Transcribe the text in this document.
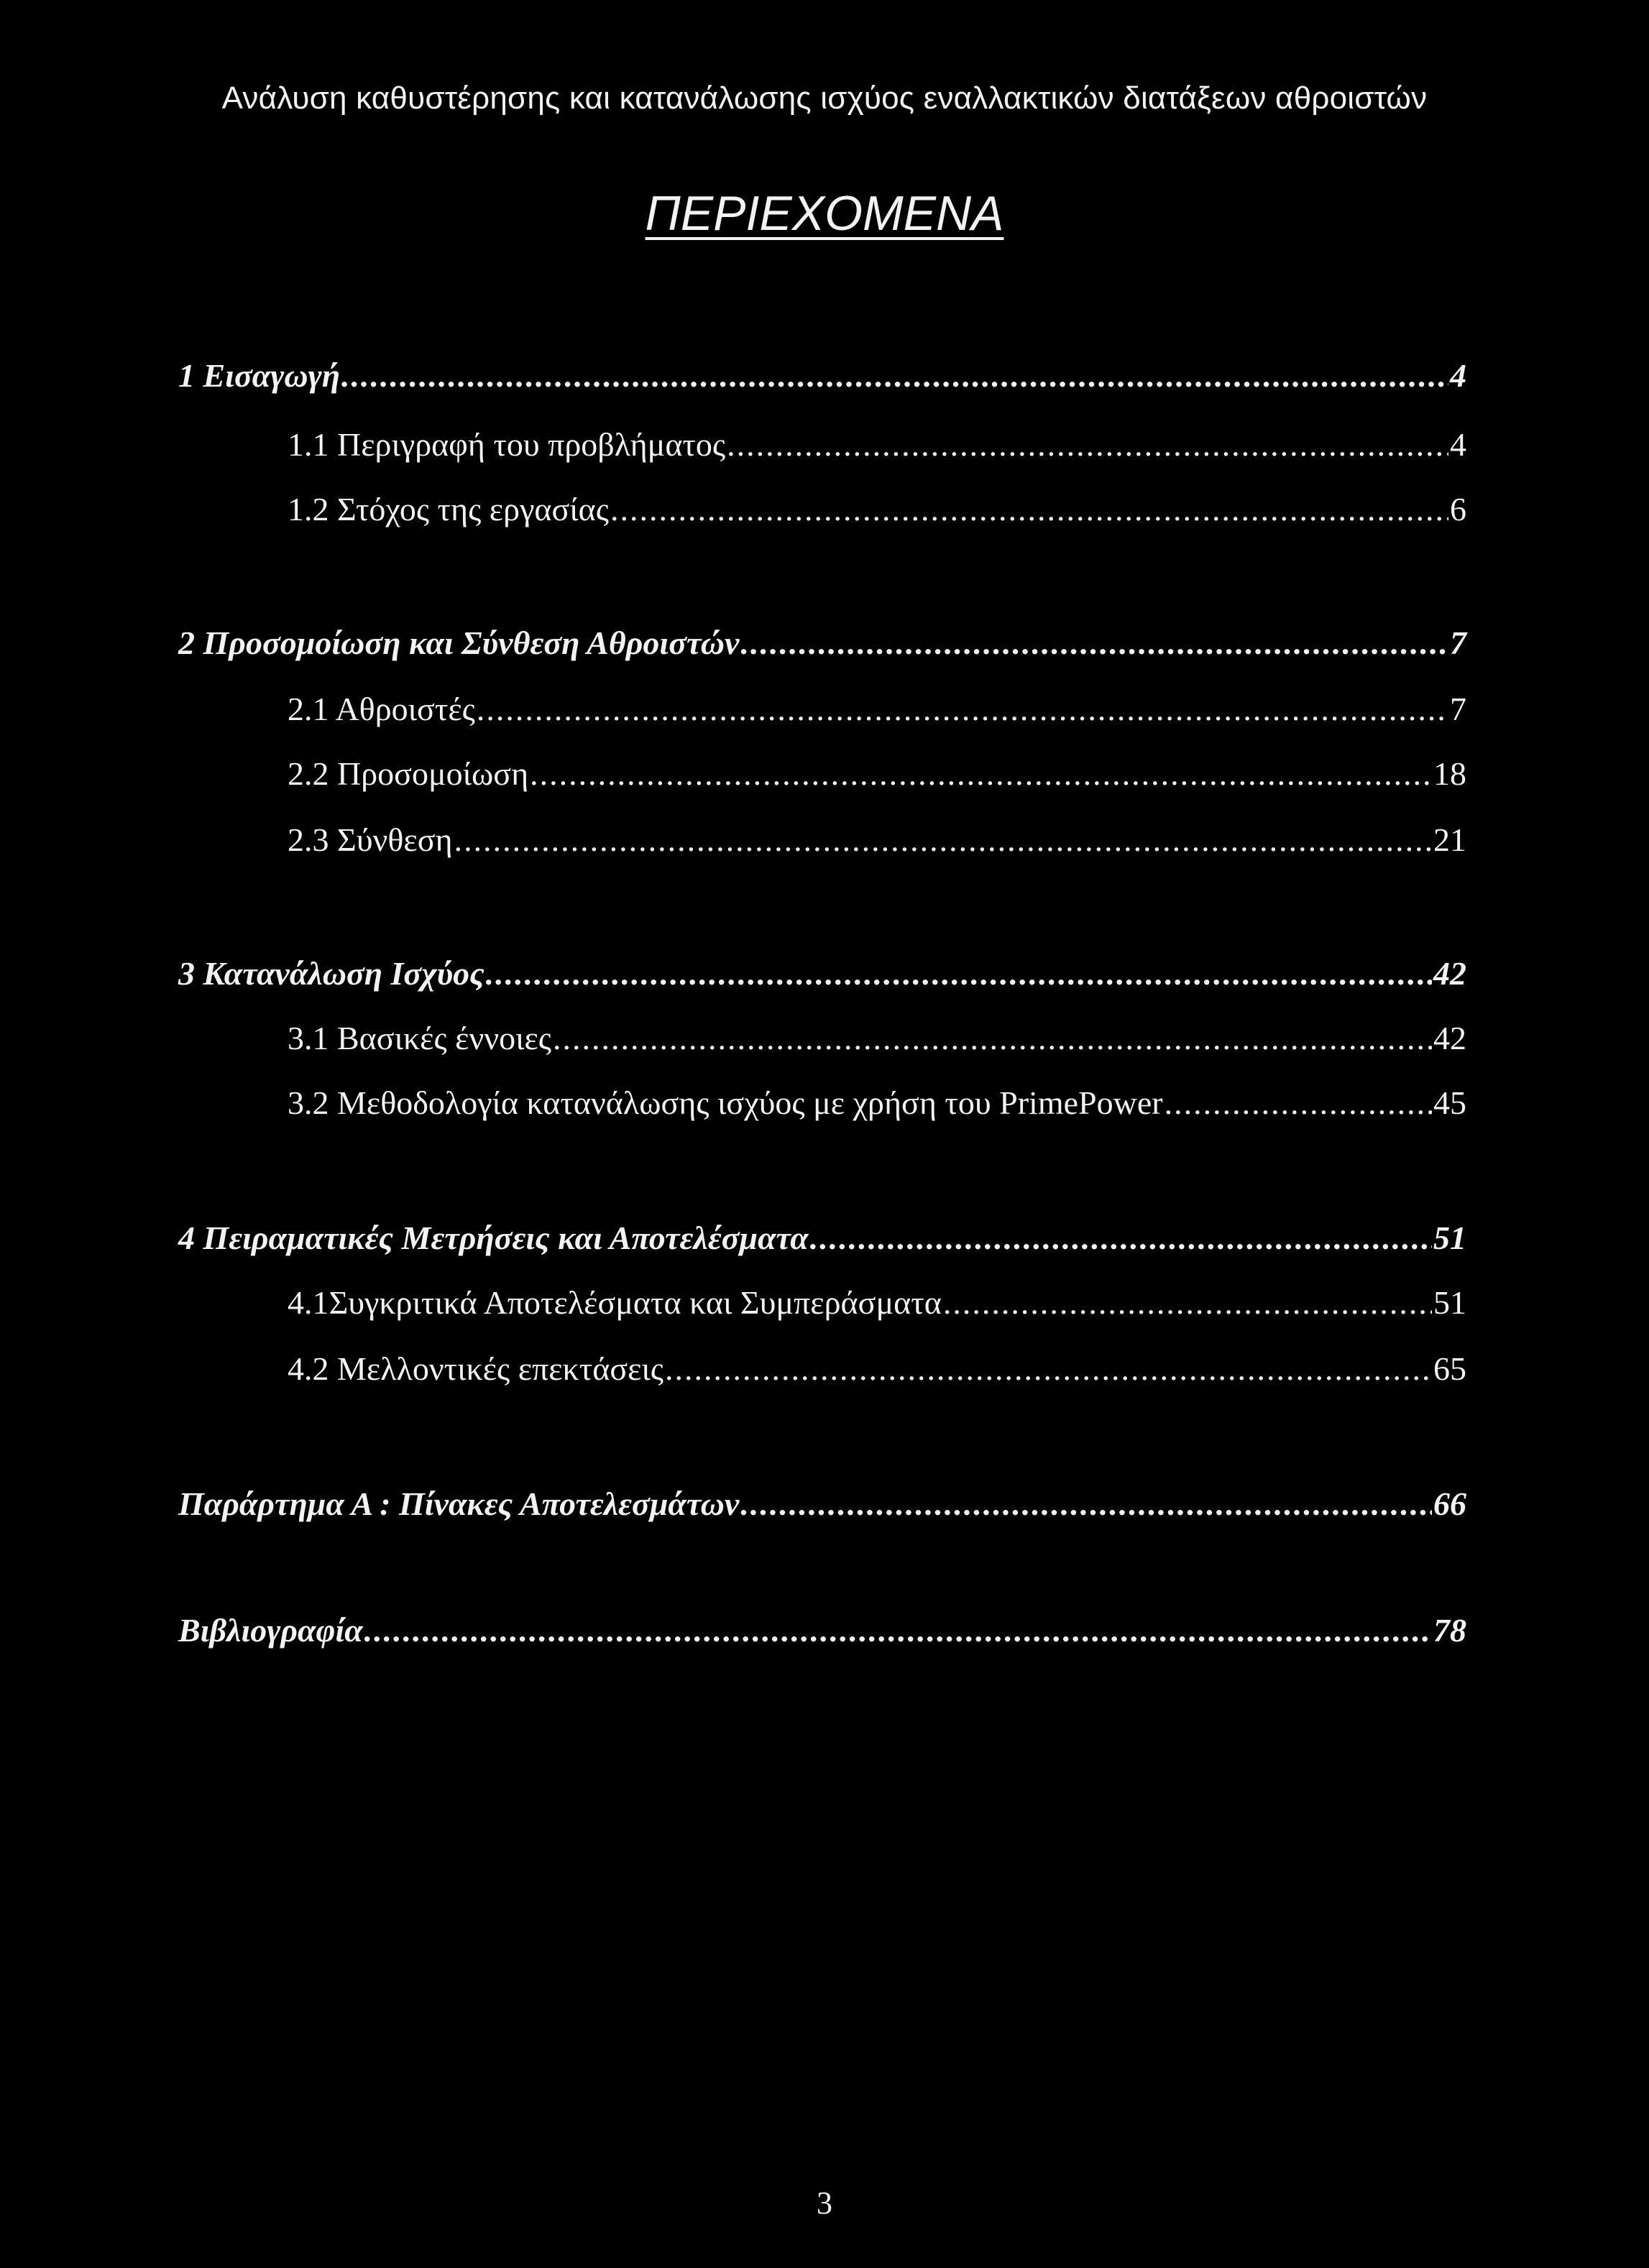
Ανάλυση καθυστέρησης και κατανάλωσης ισχύος εναλλακτικών διατάξεων αθροιστών
ΠΕΡΙΕΧΟΜΕΝΑ
1 Εισαγωγή .....	4
1.1 Περιγραφή του προβλήματος .....	4
1.2 Στόχος της εργασίας .....	6
2 Προσομοίωση και Σύνθεση Αθροιστών .....	7
2.1 Αθροιστές .....	7
2.2 Προσομοίωση .....	18
2.3 Σύνθεση .....	21
3 Κατανάλωση Ισχύος .....	42
3.1 Βασικές έννοιες .....	42
3.2 Μεθοδολογία κατανάλωσης ισχύος με χρήση του PrimePower .....	45
4 Πειραματικές Μετρήσεις και Αποτελέσματα .....	51
4.1Συγκριτικά Αποτελέσματα και Συμπεράσματα .....	51
4.2 Μελλοντικές επεκτάσεις .....	65
Παράρτημα Α : Πίνακες Αποτελεσμάτων .....	66
Βιβλιογραφία .....	78
3
